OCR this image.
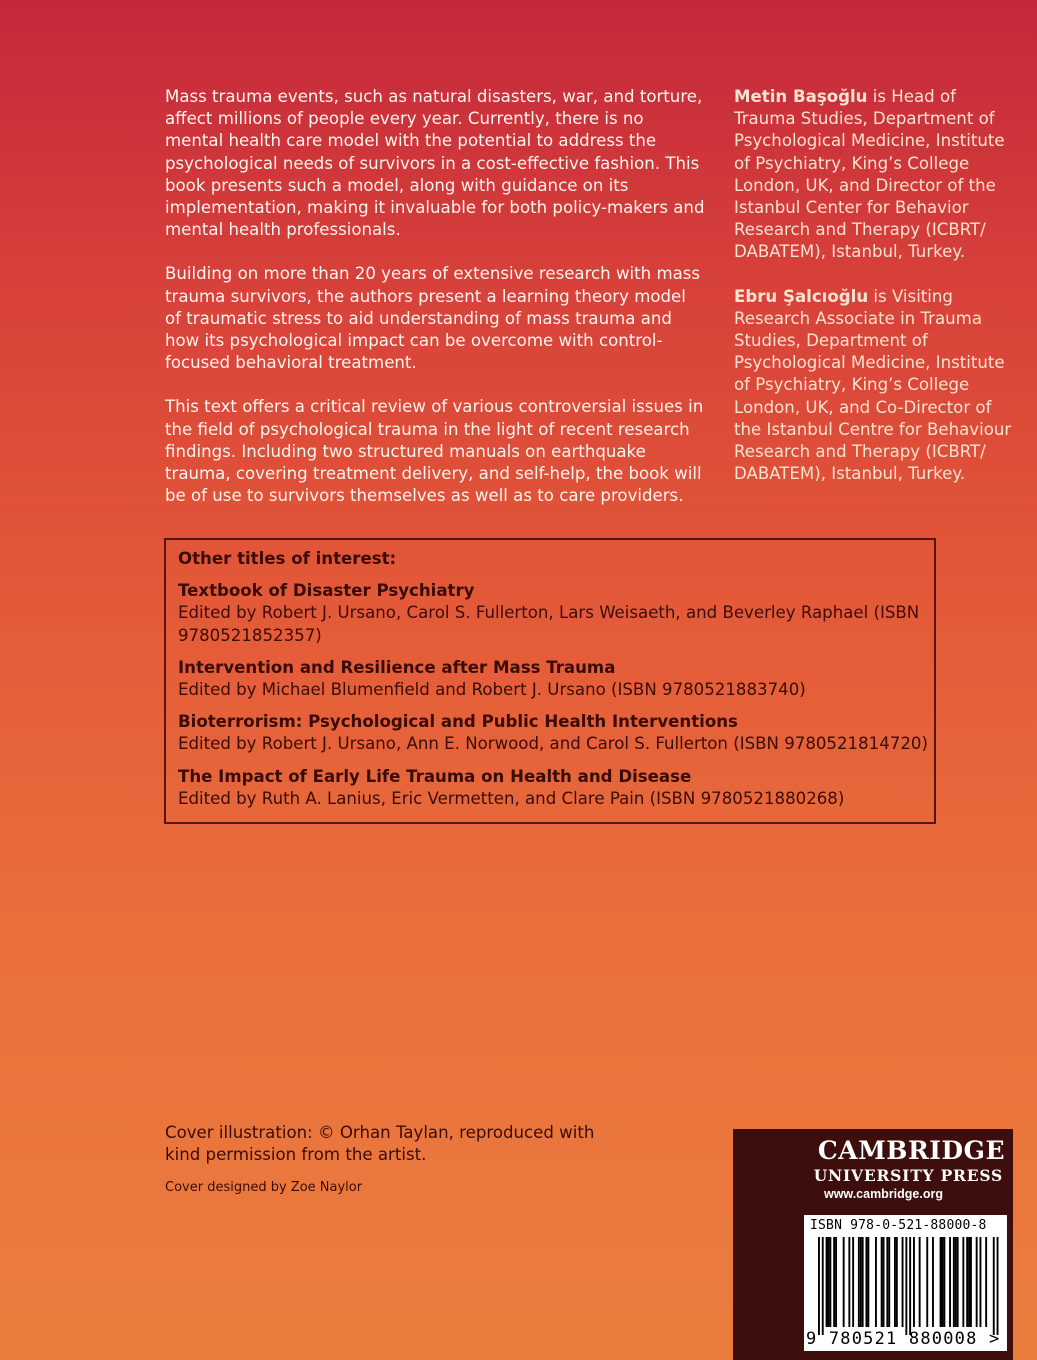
Mass trauma events, such as natural disasters, war, and torture, affect millions of people every year. Currently, there is no mental health care model with the potential to address the psychological needs of survivors in a cost-effective fashion. This book presents such a model, along with guidance on its implementation, making it invaluable for both policy-makers and mental health professionals.

Building on more than 20 years of extensive research with mass trauma survivors, the authors present a learning theory model of traumatic stress to aid understanding of mass trauma and how its psychological impact can be overcome with control-focused behavioral treatment.

This text offers a critical review of various controversial issues in the field of psychological trauma in the light of recent research findings. Including two structured manuals on earthquake trauma, covering treatment delivery, and self-help, the book will be of use to survivors themselves as well as to care providers.

Metin Başoğlu is Head of Trauma Studies, Department of Psychological Medicine, Institute of Psychiatry, King’s College London, UK, and Director of the Istanbul Center for Behavior Research and Therapy (ICBRT/ DABATEM), Istanbul, Turkey.

Ebru Şalcıoğlu is Visiting Research Associate in Trauma Studies, Department of Psychological Medicine, Institute of Psychiatry, King’s College London, UK, and Co-Director of the Istanbul Centre for Behaviour Research and Therapy (ICBRT/ DABATEM), Istanbul, Turkey.

Other titles of interest:
Textbook of Disaster Psychiatry
Edited by Robert J. Ursano, Carol S. Fullerton, Lars Weisaeth, and Beverley Raphael (ISBN 9780521852357)
Intervention and Resilience after Mass Trauma
Edited by Michael Blumenfield and Robert J. Ursano (ISBN 9780521883740)
Bioterrorism: Psychological and Public Health Interventions
Edited by Robert J. Ursano, Ann E. Norwood, and Carol S. Fullerton (ISBN 9780521814720)
The Impact of Early Life Trauma on Health and Disease
Edited by Ruth A. Lanius, Eric Vermetten, and Clare Pain (ISBN 9780521880268)
Cover illustration: © Orhan Taylan, reproduced with kind permission from the artist.
Cover designed by Zoe Naylor
CAMBRIDGE
UNIVERSITY PRESS
www.cambridge.org
ISBN 978-0-521-88000-8
9 780521 880008 >
